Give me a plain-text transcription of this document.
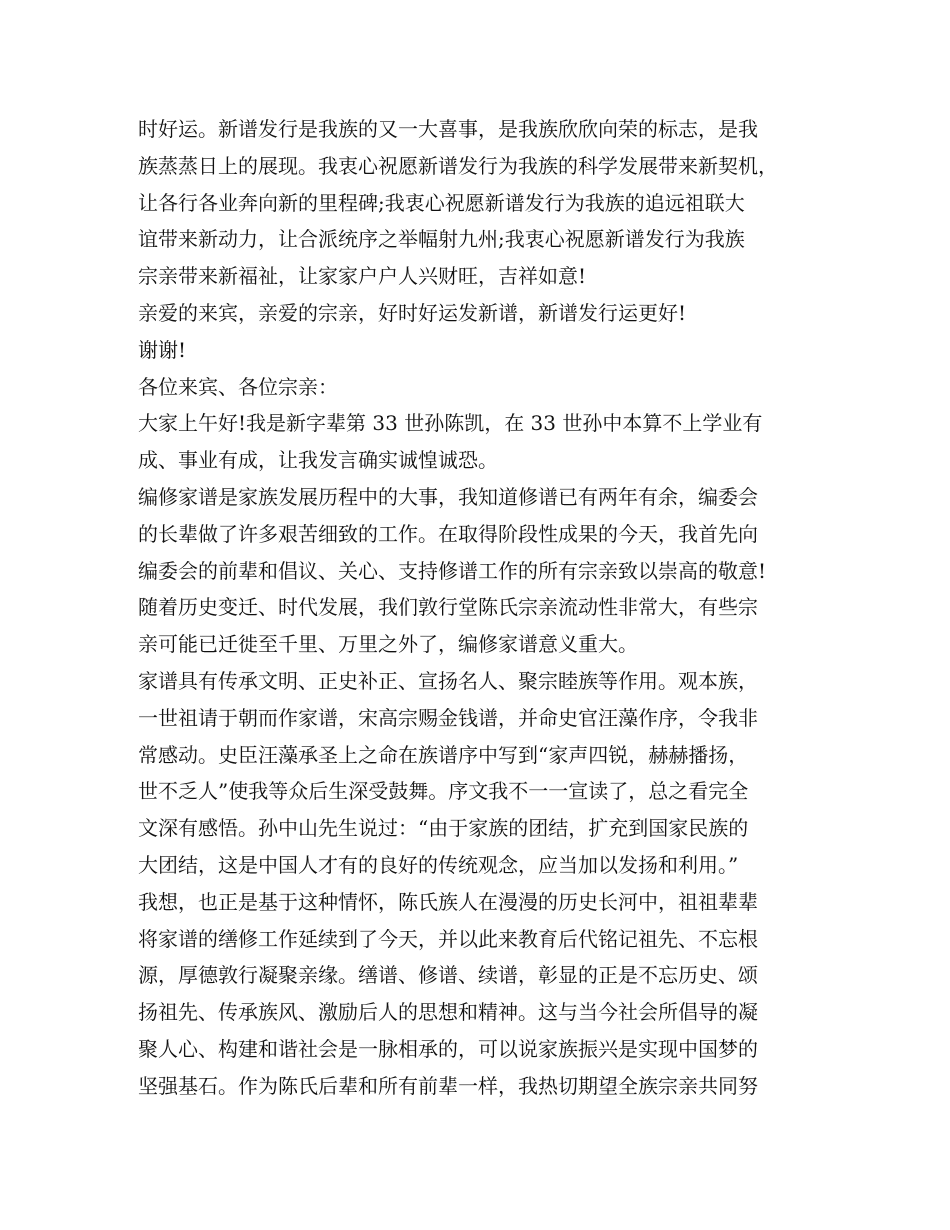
时好运。新谱发行是我族的又一大喜事，是我族欣欣向荣的标志，是我
族蒸蒸日上的展现。我衷心祝愿新谱发行为我族的科学发展带来新契机，
让各行各业奔向新的里程碑;我衷心祝愿新谱发行为我族的追远祖联大
谊带来新动力，让合派统序之举幅射九州;我衷心祝愿新谱发行为我族
宗亲带来新福祉，让家家户户人兴财旺，吉祥如意!
亲爱的来宾，亲爱的宗亲，好时好运发新谱，新谱发行运更好!
谢谢!
各位来宾、各位宗亲：
大家上午好!我是新字辈第 33 世孙陈凯，在 33 世孙中本算不上学业有
成、事业有成，让我发言确实诚惶诚恐。
编修家谱是家族发展历程中的大事，我知道修谱已有两年有余，编委会
的长辈做了许多艰苦细致的工作。在取得阶段性成果的今天，我首先向
编委会的前辈和倡议、关心、支持修谱工作的所有宗亲致以崇高的敬意!
随着历史变迁、时代发展，我们敦行堂陈氏宗亲流动性非常大，有些宗
亲可能已迁徙至千里、万里之外了，编修家谱意义重大。
家谱具有传承文明、正史补正、宣扬名人、聚宗睦族等作用。观本族，
一世祖请于朝而作家谱，宋高宗赐金钱谱，并命史官汪藻作序，令我非
常感动。史臣汪藻承圣上之命在族谱序中写到“家声四锐，赫赫播扬，
世不乏人”使我等众后生深受鼓舞。序文我不一一宣读了，总之看完全
文深有感悟。孙中山先生说过：“由于家族的团结，扩充到国家民族的
大团结，这是中国人才有的良好的传统观念，应当加以发扬和利用。”
我想，也正是基于这种情怀，陈氏族人在漫漫的历史长河中，祖祖辈辈
将家谱的缮修工作延续到了今天，并以此来教育后代铭记祖先、不忘根
源，厚德敦行凝聚亲缘。缮谱、修谱、续谱，彰显的正是不忘历史、颂
扬祖先、传承族风、激励后人的思想和精神。这与当今社会所倡导的凝
聚人心、构建和谐社会是一脉相承的，可以说家族振兴是实现中国梦的
坚强基石。作为陈氏后辈和所有前辈一样，我热切期望全族宗亲共同努
